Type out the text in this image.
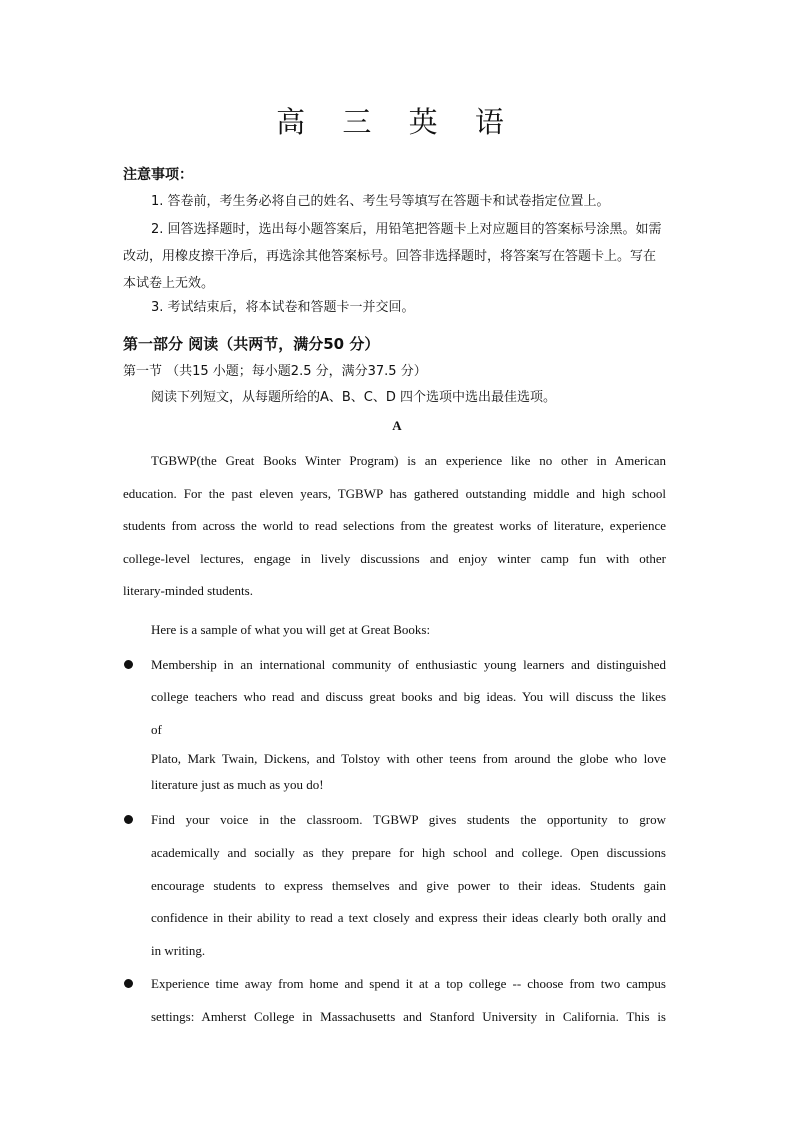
高 三 英 语
注意事项：
1. 答卷前，考生务必将自己的姓名、考生号等填写在答题卡和试卷指定位置上。
2. 回答选择题时，选出每小题答案后，用铅笔把答题卡上对应题目的答案标号涂黑。如需
改动，用橡皮擦干净后，再选涂其他答案标号。回答非选择题时，将答案写在答题卡上。写在
本试卷上无效。
3. 考试结束后，将本试卷和答题卡一并交回。
第一部分 阅读（共两节，满分50 分）
第一节 （共15 小题；每小题2.5 分，满分37.5 分）
阅读下列短文，从每题所给的A、B、C、D 四个选项中选出最佳选项。
A
TGBWP(the Great Books Winter Program) is an experience like no other in American
education. For the past eleven years, TGBWP has gathered outstanding middle and high school
students from across the world to read selections from the greatest works of literature, experience
college-level lectures, engage in lively discussions and enjoy winter camp fun with other
literary-minded students.
Here is a sample of what you will get at Great Books:
Membership in an international community of enthusiastic young learners and distinguished
college teachers who read and discuss great books and big ideas. You will discuss the likes
of
Plato, Mark Twain, Dickens, and Tolstoy with other teens from around the globe who love
literature just as much as you do!
Find your voice in the classroom. TGBWP gives students the opportunity to grow
academically and socially as they prepare for high school and college. Open discussions
encourage students to express themselves and give power to their ideas. Students gain
confidence in their ability to read a text closely and express their ideas clearly both orally and
in writing.
Experience time away from home and spend it at a top college -- choose from two campus
settings: Amherst College in Massachusetts and Stanford University in California. This is
